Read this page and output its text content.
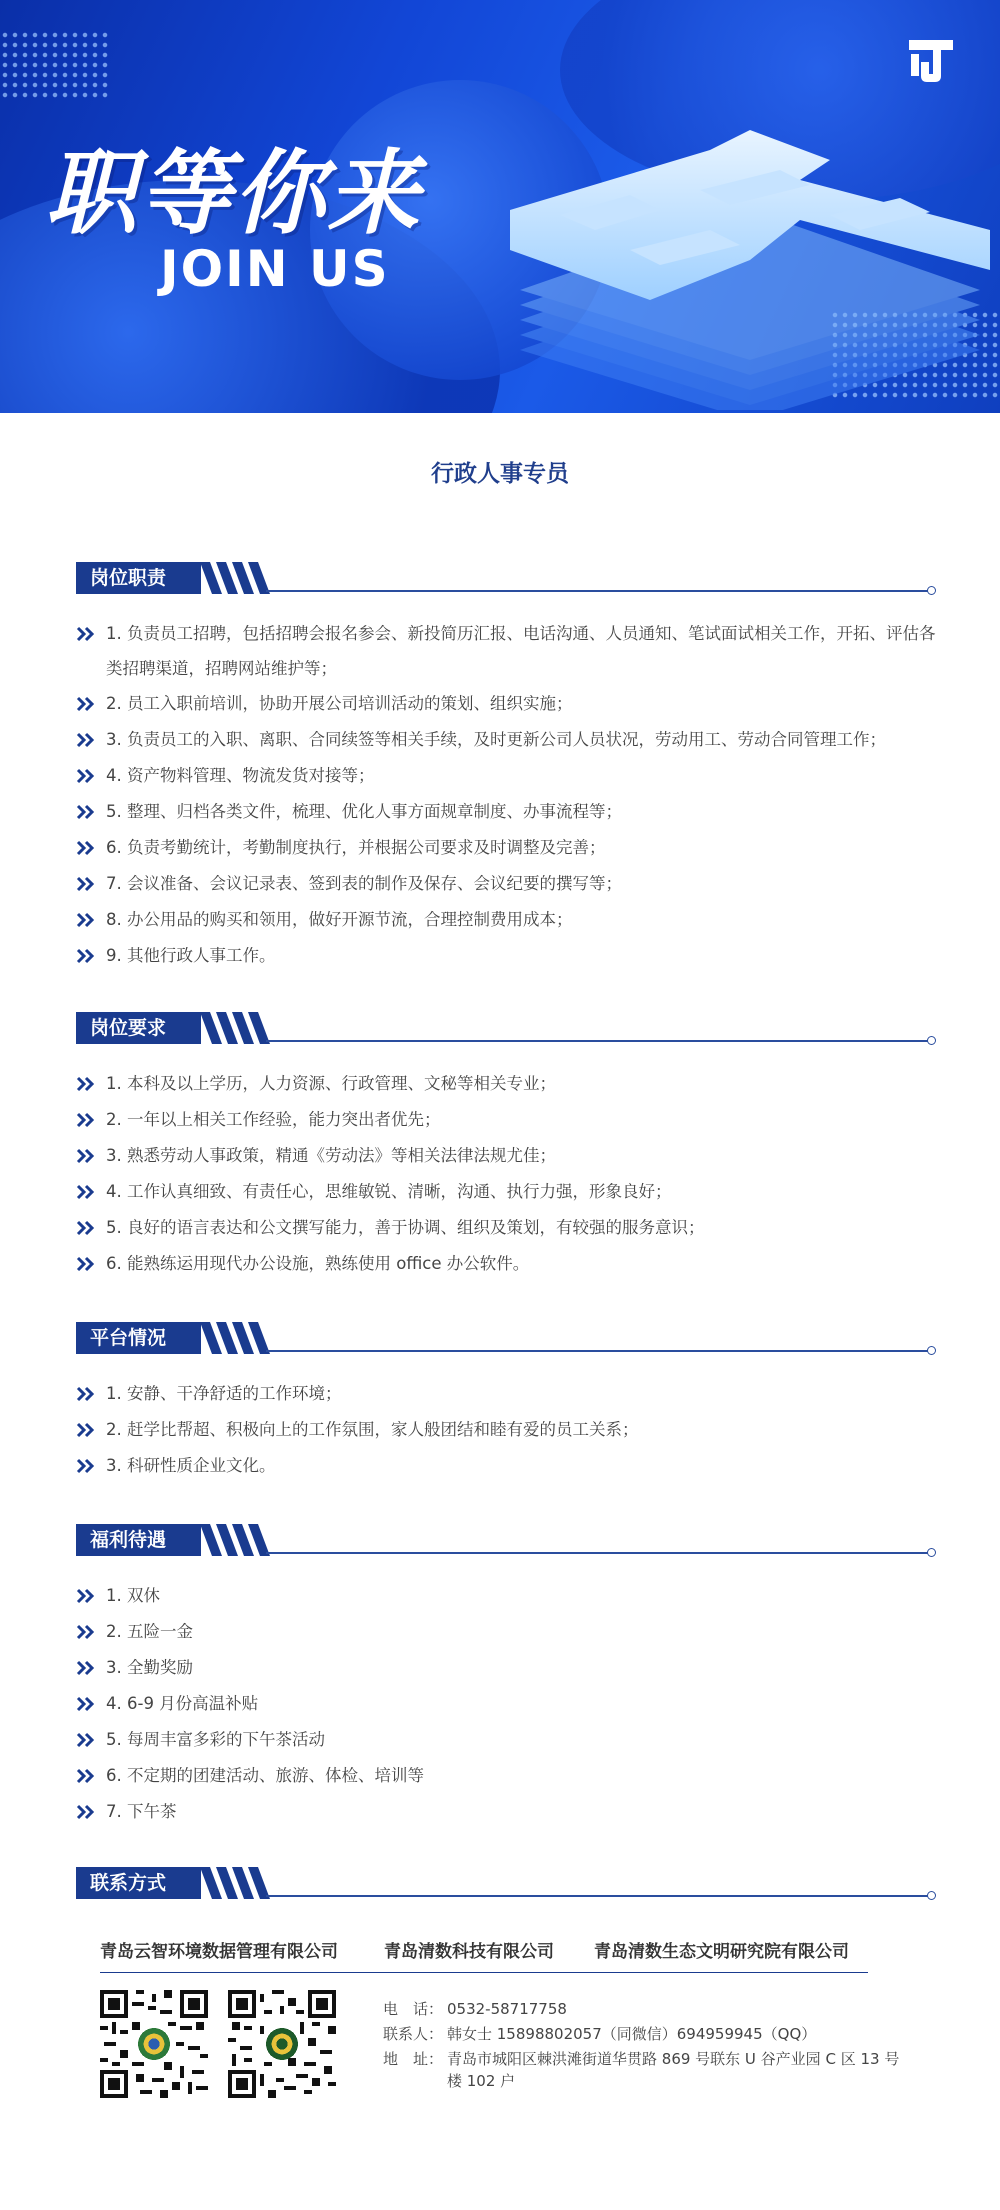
职等你来
JOIN US
行政人事专员
岗位职责
1. 负责员工招聘，包括招聘会报名参会、新投简历汇报、电话沟通、人员通知、笔试面试相关工作，开拓、评估各类招聘渠道，招聘网站维护等；
2. 员工入职前培训，协助开展公司培训活动的策划、组织实施；
3. 负责员工的入职、离职、合同续签等相关手续，及时更新公司人员状况，劳动用工、劳动合同管理工作；
4. 资产物料管理、物流发货对接等；
5. 整理、归档各类文件，梳理、优化人事方面规章制度、办事流程等；
6. 负责考勤统计，考勤制度执行，并根据公司要求及时调整及完善；
7. 会议准备、会议记录表、签到表的制作及保存、会议纪要的撰写等；
8. 办公用品的购买和领用，做好开源节流，合理控制费用成本；
9. 其他行政人事工作。
岗位要求
1. 本科及以上学历，人力资源、行政管理、文秘等相关专业；
2. 一年以上相关工作经验，能力突出者优先；
3. 熟悉劳动人事政策，精通《劳动法》等相关法律法规尤佳；
4. 工作认真细致、有责任心，思维敏锐、清晰，沟通、执行力强，形象良好；
5. 良好的语言表达和公文撰写能力，善于协调、组织及策划，有较强的服务意识；
6. 能熟练运用现代办公设施，熟练使用 office 办公软件。
平台情况
1. 安静、干净舒适的工作环境；
2. 赶学比帮超、积极向上的工作氛围，家人般团结和睦有爱的员工关系；
3. 科研性质企业文化。
福利待遇
1. 双休
2. 五险一金
3. 全勤奖励
4. 6-9 月份高温补贴
5. 每周丰富多彩的下午茶活动
6. 不定期的团建活动、旅游、体检、培训等
7. 下午茶
联系方式
青岛云智环境数据管理有限公司	青岛清数科技有限公司 青岛清数生态文明研究院有限公司
电　话： 0532-58717758
联系人： 韩女士 15898802057（同微信）694959945（QQ）
地　址： 青岛市城阳区棘洪滩街道华贯路 869 号联东 U 谷产业园 C 区 13 号楼 102 户
